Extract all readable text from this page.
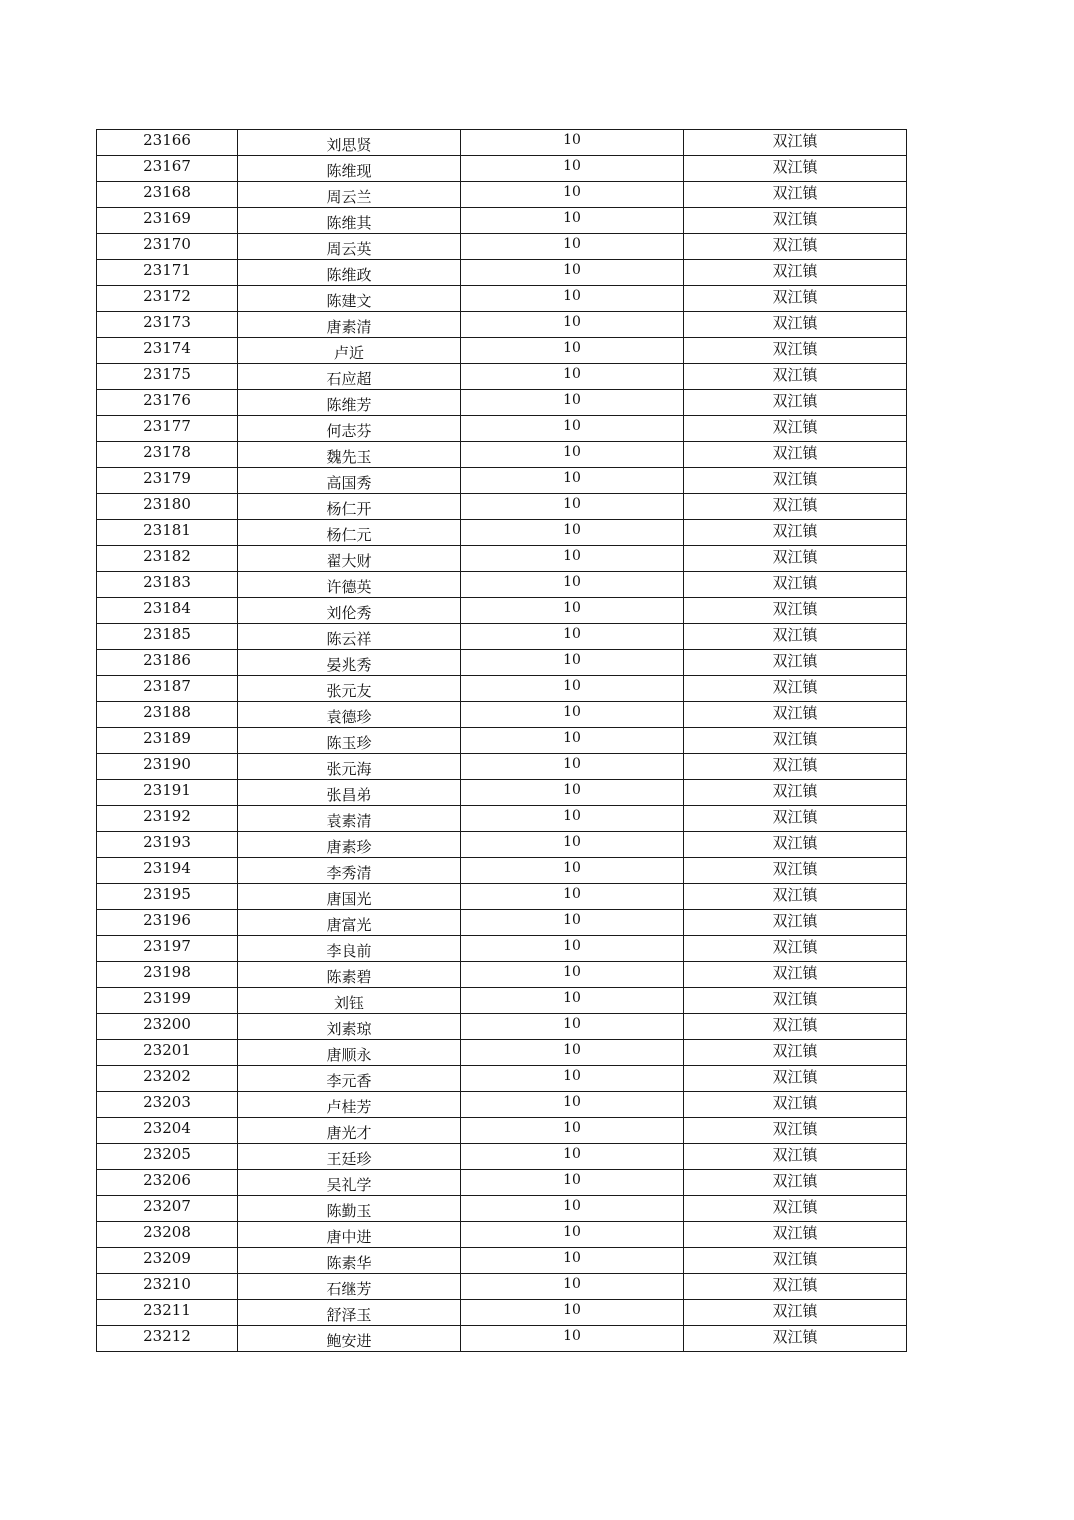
23166	刘思贤	10	双江镇
23167	陈维现	10	双江镇
23168	周云兰	10	双江镇
23169	陈维其	10	双江镇
23170	周云英	10	双江镇
23171	陈维政	10	双江镇
23172	陈建文	10	双江镇
23173	唐素清	10	双江镇
23174	卢近	10	双江镇
23175	石应超	10	双江镇
23176	陈维芳	10	双江镇
23177	何志芬	10	双江镇
23178	魏先玉	10	双江镇
23179	高国秀	10	双江镇
23180	杨仁开	10	双江镇
23181	杨仁元	10	双江镇
23182	翟大财	10	双江镇
23183	许德英	10	双江镇
23184	刘伦秀	10	双江镇
23185	陈云祥	10	双江镇
23186	晏兆秀	10	双江镇
23187	张元友	10	双江镇
23188	袁德珍	10	双江镇
23189	陈玉珍	10	双江镇
23190	张元海	10	双江镇
23191	张昌弟	10	双江镇
23192	袁素清	10	双江镇
23193	唐素珍	10	双江镇
23194	李秀清	10	双江镇
23195	唐国光	10	双江镇
23196	唐富光	10	双江镇
23197	李良前	10	双江镇
23198	陈素碧	10	双江镇
23199	刘钰	10	双江镇
23200	刘素琼	10	双江镇
23201	唐顺永	10	双江镇
23202	李元香	10	双江镇
23203	卢桂芳	10	双江镇
23204	唐光才	10	双江镇
23205	王廷珍	10	双江镇
23206	吴礼学	10	双江镇
23207	陈勤玉	10	双江镇
23208	唐中进	10	双江镇
23209	陈素华	10	双江镇
23210	石继芳	10	双江镇
23211	舒泽玉	10	双江镇
23212	鲍安进	10	双江镇
